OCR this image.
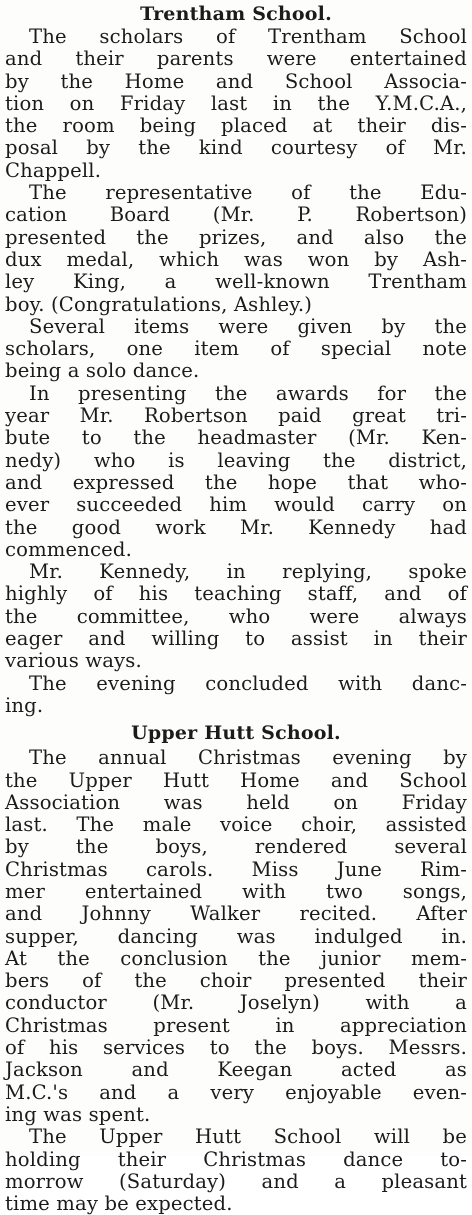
Trentham School.
The scholars of Trentham School
and their parents were entertained
by the Home and School Associa-
tion on Friday last in the Y.M.C.A.,
the room being placed at their dis-
posal by the kind courtesy of Mr.
Chappell.
The representative of the Edu-
cation Board (Mr. P. Robertson)
presented the prizes, and also the
dux medal, which was won by Ash-
ley King, a well-known Trentham
boy. (Congratulations, Ashley.)
Several items were given by the
scholars, one item of special note
being a solo dance.
In presenting the awards for the
year Mr. Robertson paid great tri-
bute to the headmaster (Mr. Ken-
nedy) who is leaving the district,
and expressed the hope that who-
ever succeeded him would carry on
the good work Mr. Kennedy had
commenced.
Mr. Kennedy, in replying, spoke
highly of his teaching staff, and of
the committee, who were always
eager and willing to assist in their
various ways.
The evening concluded with danc-
ing.
Upper Hutt School.
The annual Christmas evening by
the Upper Hutt Home and School
Association was held on Friday
last. The male voice choir, assisted
by the boys, rendered several
Christmas carols. Miss June Rim-
mer entertained with two songs,
and Johnny Walker recited. After
supper, dancing was indulged in.
At the conclusion the junior mem-
bers of the choir presented their
conductor (Mr. Joselyn) with a
Christmas present in appreciation
of his services to the boys. Messrs.
Jackson and Keegan acted as
M.C.'s and a very enjoyable even-
ing was spent.
The Upper Hutt School will be
holding their Christmas dance to-
morrow (Saturday) and a pleasant
time may be expected.
